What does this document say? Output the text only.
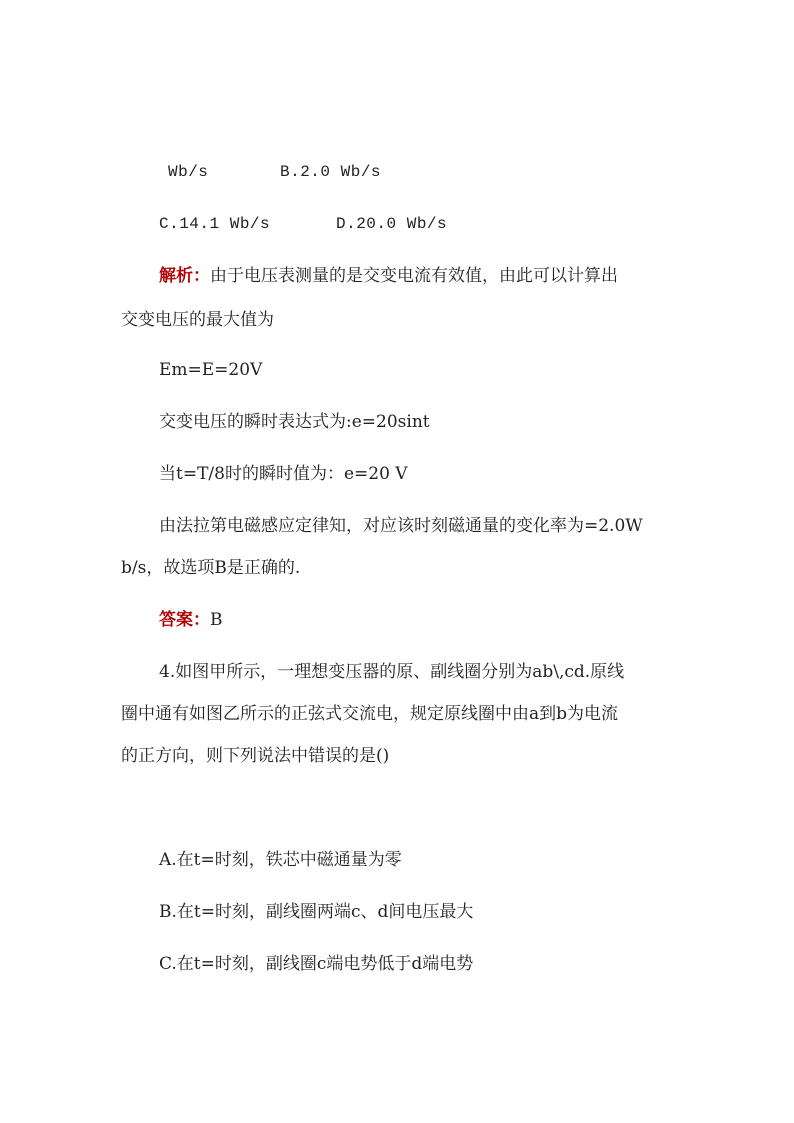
Wb/s	B.2.0 Wb/s
C.14.1 Wb/s	D.20.0 Wb/s
解析：由于电压表测量的是交变电流有效值，由此可以计算出
交变电压的最大值为
Em=E=20V
交变电压的瞬时表达式为:e=20sint
当t=T/8时的瞬时值为：e=20 V
由法拉第电磁感应定律知，对应该时刻磁通量的变化率为=2.0W
b/s，故选项B是正确的.
答案：B
4.如图甲所示，一理想变压器的原、副线圈分别为ab\,cd.原线
圈中通有如图乙所示的正弦式交流电，规定原线圈中由a到b为电流
的正方向，则下列说法中错误的是()
A.在t=时刻，铁芯中磁通量为零
B.在t=时刻，副线圈两端c、d间电压最大
C.在t=时刻，副线圈c端电势低于d端电势
